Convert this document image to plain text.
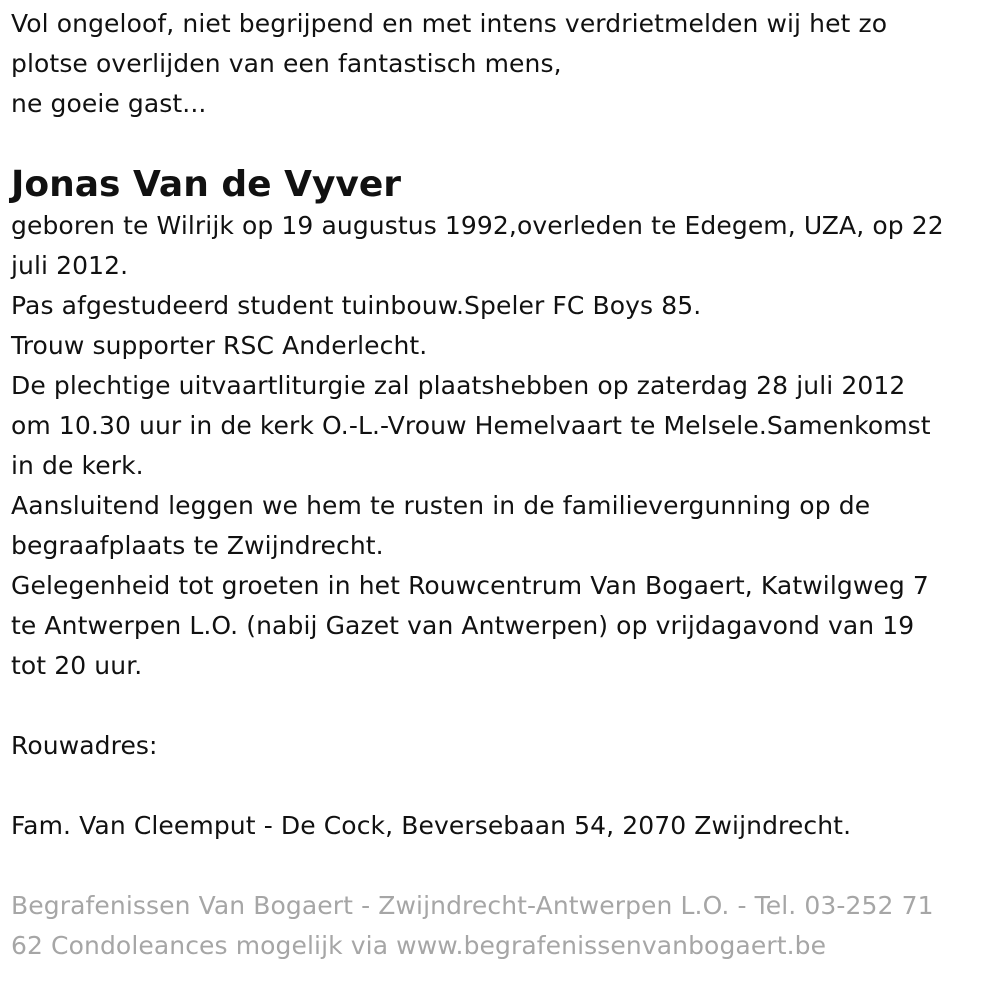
Vol ongeloof, niet begrijpend en met intens verdrietmelden wij het zo
plotse overlijden van een fantastisch mens,
ne goeie gast...
Jonas Van de Vyver
geboren te Wilrijk op 19 augustus 1992,overleden te Edegem, UZA, op 22
juli 2012.
Pas afgestudeerd student tuinbouw.Speler FC Boys 85.
Trouw supporter RSC Anderlecht.
De plechtige uitvaartliturgie zal plaatshebben op zaterdag 28 juli 2012
om 10.30 uur in de kerk O.-L.-Vrouw Hemelvaart te Melsele.Samenkomst
in de kerk.
Aansluitend leggen we hem te rusten in de familievergunning op de
begraafplaats te Zwijndrecht.
Gelegenheid tot groeten in het Rouwcentrum Van Bogaert, Katwilgweg 7
te Antwerpen L.O. (nabij Gazet van Antwerpen) op vrijdagavond van 19
tot 20 uur.
Rouwadres:
Fam. Van Cleemput - De Cock, Beversebaan 54, 2070 Zwijndrecht.
Begrafenissen Van Bogaert - Zwijndrecht-Antwerpen L.O. - Tel. 03-252 71
62 Condoleances mogelijk via www.begrafenissenvanbogaert.be
